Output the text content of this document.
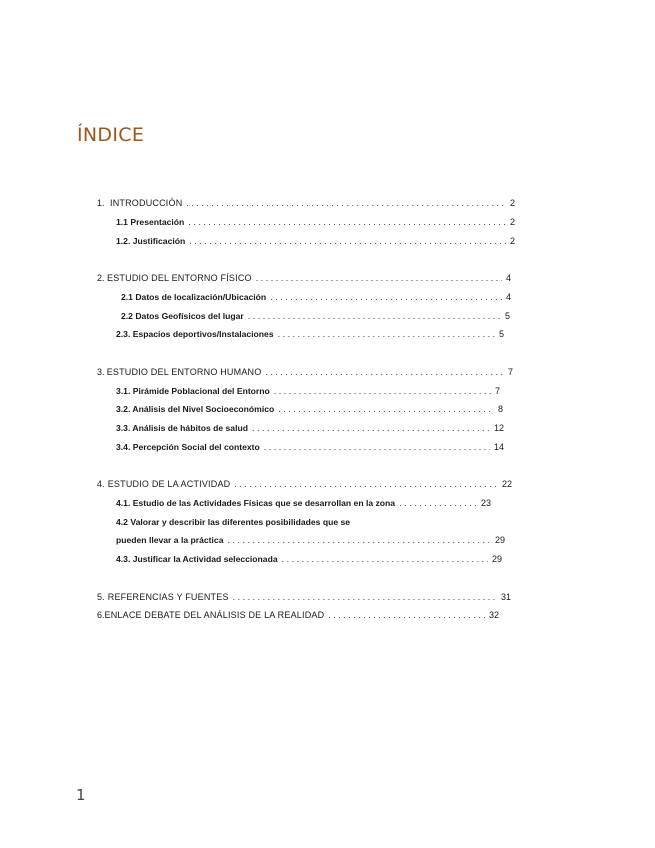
ÍNDICE
1. INTRODUCCIÓN . . .	2
1.1 Presentación . . .	2
1.2. Justificación . . .	2
2. ESTUDIO DEL ENTORNO FÍSICO . . .	4
2.1 Datos de localización/Ubicación . . .	4
2.2 Datos Geofísicos del lugar . . .	5
2.3. Espacios deportivos/Instalaciones . . .	5
3. ESTUDIO DEL ENTORNO HUMANO . . .	7
3.1. Pirámide Poblacional del Entorno . . .	7
3.2. Análisis del Nivel Socioeconómico . . .	8
3.3. Análisis de hábitos de salud . . .	12
3.4. Percepción Social del contexto . . .	14
4. ESTUDIO DE LA ACTIVIDAD . . .	22
4.1. Estudio de las Actividades Físicas que se desarrollan en la zona . . .	23
4.2 Valorar y describir las diferentes posibilidades que se
pueden llevar a la práctica . . .	29
4.3. Justificar la Actividad seleccionada . . .	29
5. REFERENCIAS Y FUENTES . . .	31
6. ENLACE DEBATE DEL ANÁLISIS DE LA REALIDAD . . .	32
1
